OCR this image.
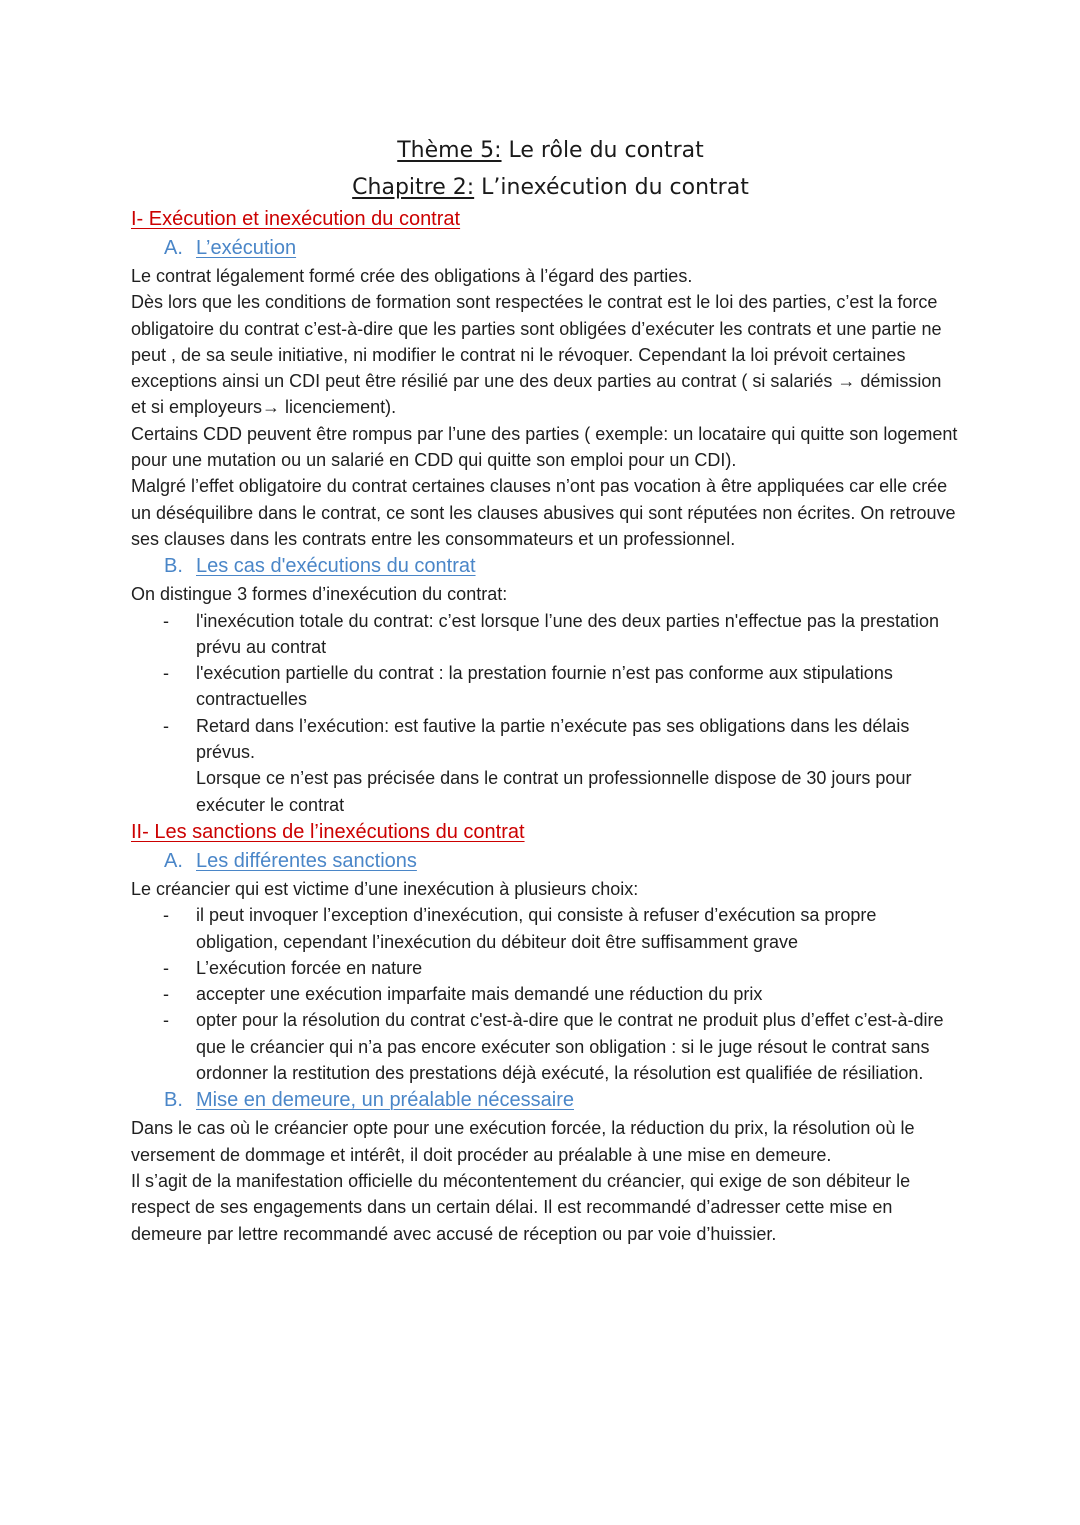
Thème 5: Le rôle du contrat
Chapitre 2: L’inexécution du contrat
I- Exécution et inexécution du contrat
A. L’exécution

Le contrat légalement formé crée des obligations à l’égard des parties.

Dès lors que les conditions de formation sont respectées le contrat est le loi des parties, c’est la force obligatoire du contrat c’est-à-dire que les parties sont obligées d’exécuter les contrats et une partie ne peut , de sa seule initiative, ni modifier le contrat ni le révoquer. Cependant la loi prévoit certaines exceptions ainsi un CDI peut être résilié par une des deux parties au contrat ( si salariés → démission et si employeurs→ licenciement).

Certains CDD peuvent être rompus par l’une des parties ( exemple: un locataire qui quitte son logement pour une mutation ou un salarié en CDD qui quitte son emploi pour un CDI).

Malgré l’effet obligatoire du contrat certaines clauses n’ont pas vocation à être appliquées car elle crée un déséquilibre dans le contrat, ce sont les clauses abusives qui sont réputées non écrites. On retrouve ses clauses dans les contrats entre les consommateurs et un professionnel.

B. Les cas d'exécutions du contrat

On distingue 3 formes d’inexécution du contrat:

- l'inexécution totale du contrat: c’est lorsque l’une des deux parties n'effectue pas la prestation prévu au contrat
- l'exécution partielle du contrat : la prestation fournie n’est pas conforme aux stipulations contractuelles
- Retard dans l’exécution: est fautive la partie n’exécute pas ses obligations dans les délais prévus.
Lorsque ce n’est pas précisée dans le contrat un professionnelle dispose de 30 jours pour exécuter le contrat
II- Les sanctions de l’inexécutions du contrat
A. Les différentes sanctions

Le créancier qui est victime d’une inexécution à plusieurs choix:

- il peut invoquer l’exception d’inexécution, qui consiste à refuser d’exécution sa propre obligation, cependant l’inexécution du débiteur doit être suffisamment grave
- L’exécution forcée en nature
- accepter une exécution imparfaite mais demandé une réduction du prix
- opter pour la résolution du contrat c'est-à-dire que le contrat ne produit plus d’effet c’est-à-dire que le créancier qui n’a pas encore exécuter son obligation : si le juge résout le contrat sans ordonner la restitution des prestations déjà exécuté, la résolution est qualifiée de résiliation.
B. Mise en demeure, un préalable nécessaire

Dans le cas où le créancier opte pour une exécution forcée, la réduction du prix, la résolution où le versement de dommage et intérêt, il doit procéder au préalable à une mise en demeure.

Il s’agit de la manifestation officielle du mécontentement du créancier, qui exige de son débiteur le respect de ses engagements dans un certain délai. Il est recommandé d’adresser cette mise en demeure par lettre recommandé avec accusé de réception ou par voie d’huissier.
